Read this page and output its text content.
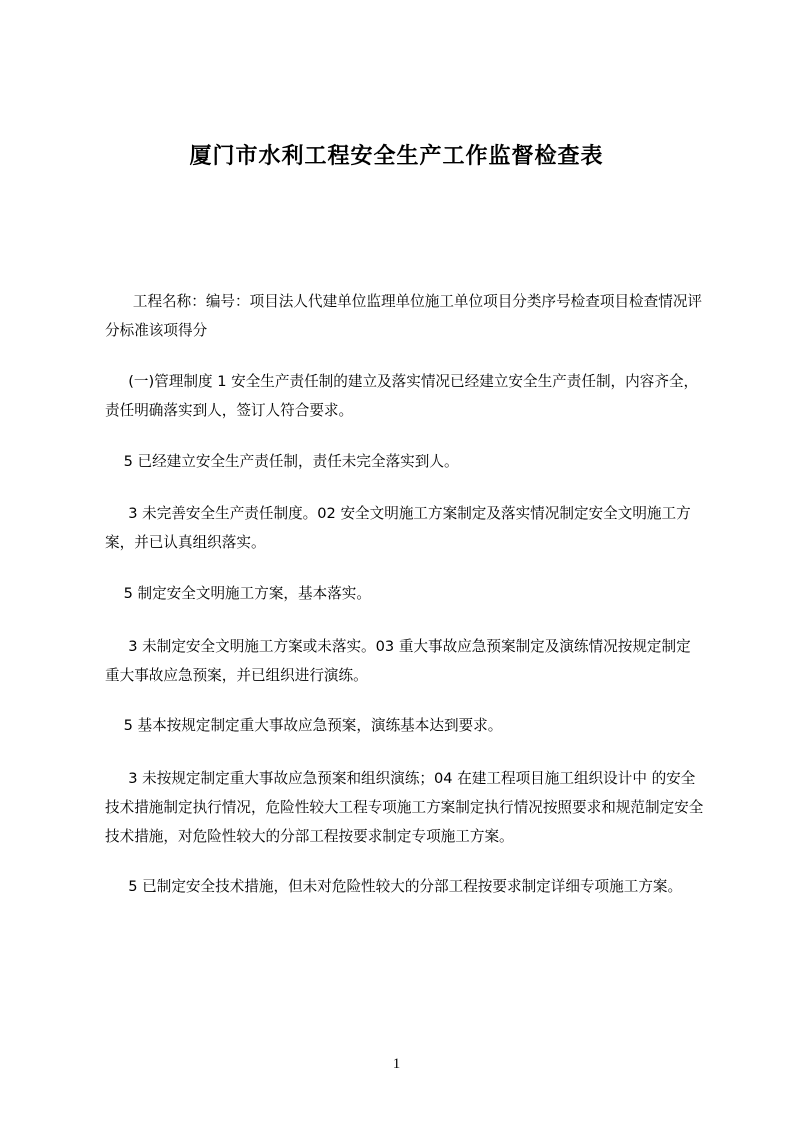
厦门市水利工程安全生产工作监督检查表

工程名称：编号：项目法人代建单位监理单位施工单位项目分类序号检查项目检查情况评分标准该项得分

(一)管理制度 1 安全生产责任制的建立及落实情况已经建立安全生产责任制，内容齐全，责任明确落实到人，签订人符合要求。

5 已经建立安全生产责任制，责任未完全落实到人。

3 未完善安全生产责任制度。02 安全文明施工方案制定及落实情况制定安全文明施工方案，并已认真组织落实。

5 制定安全文明施工方案，基本落实。

3 未制定安全文明施工方案或未落实。03 重大事故应急预案制定及演练情况按规定制定重大事故应急预案，并已组织进行演练。

5 基本按规定制定重大事故应急预案，演练基本达到要求。

3 未按规定制定重大事故应急预案和组织演练；04 在建工程项目施工组织设计中 的安全技术措施制定执行情况，危险性较大工程专项施工方案制定执行情况按照要求和规范制定安全技术措施，对危险性较大的分部工程按要求制定专项施工方案。

5 已制定安全技术措施，但未对危险性较大的分部工程按要求制定详细专项施工方案。

1
